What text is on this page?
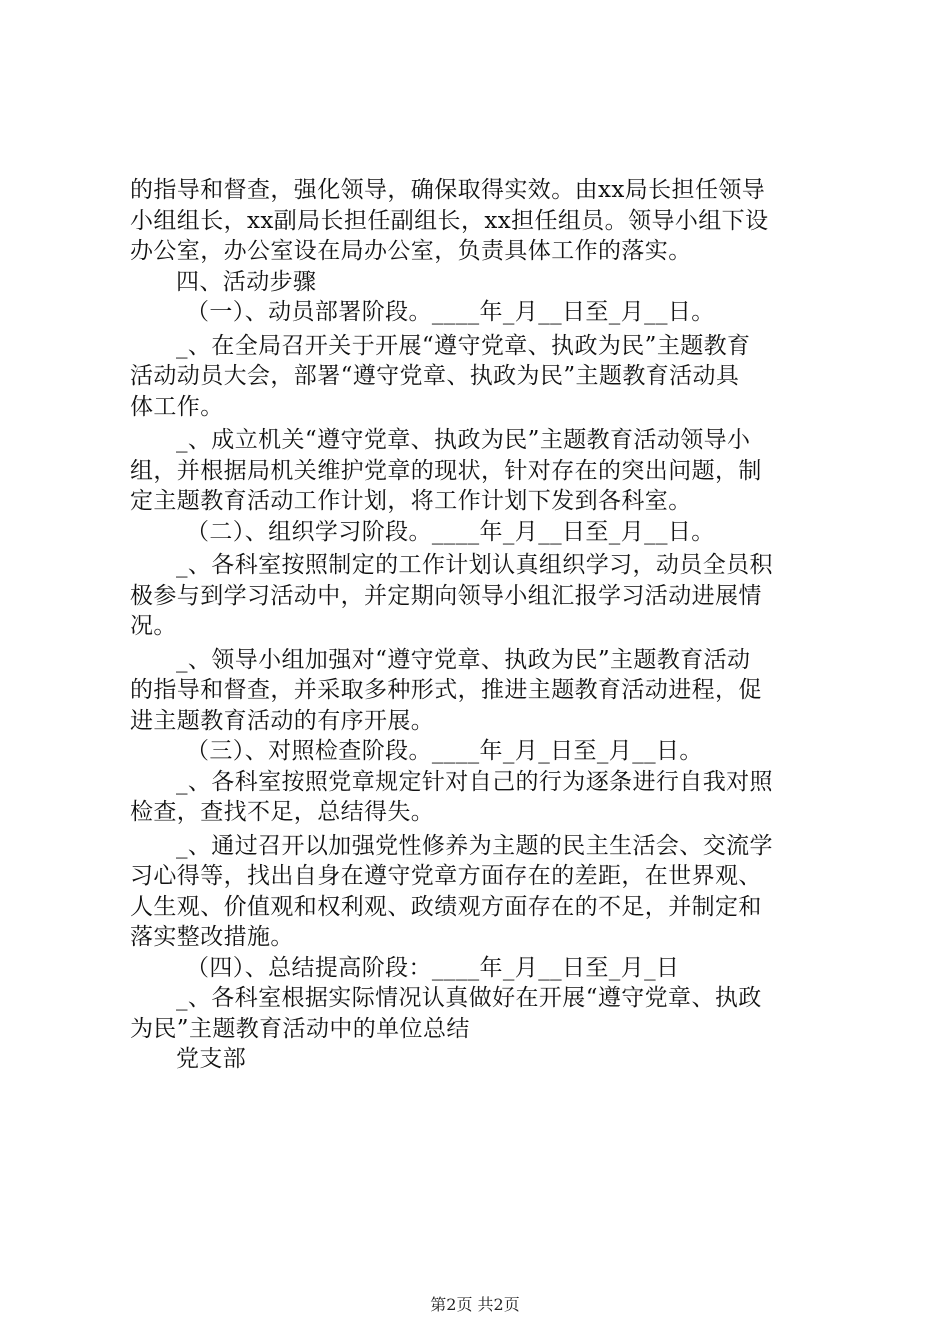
的指导和督查，强化领导，确保取得实效。由xx局长担任领导
小组组长，xx副局长担任副组长，xx担任组员。领导小组下设
办公室，办公室设在局办公室，负责具体工作的落实。
四、活动步骤
（一）、动员部署阶段。____年_月__日至_月__日。
_、在全局召开关于开展“遵守党章、执政为民”主题教育
活动动员大会，部署“遵守党章、执政为民”主题教育活动具
体工作。
_、成立机关“遵守党章、执政为民”主题教育活动领导小
组，并根据局机关维护党章的现状，针对存在的突出问题，制
定主题教育活动工作计划，将工作计划下发到各科室。
（二）、组织学习阶段。____年_月__日至_月__日。
_、各科室按照制定的工作计划认真组织学习，动员全员积
极参与到学习活动中，并定期向领导小组汇报学习活动进展情
况。
_、领导小组加强对“遵守党章、执政为民”主题教育活动
的指导和督查，并采取多种形式，推进主题教育活动进程，促
进主题教育活动的有序开展。
（三）、对照检查阶段。____年_月_日至_月__日。
_、各科室按照党章规定针对自己的行为逐条进行自我对照
检查，查找不足，总结得失。
_、通过召开以加强党性修养为主题的民主生活会、交流学
习心得等，找出自身在遵守党章方面存在的差距，在世界观、
人生观、价值观和权利观、政绩观方面存在的不足，并制定和
落实整改措施。
（四）、总结提高阶段：____年_月__日至_月_日
_、各科室根据实际情况认真做好在开展“遵守党章、执政
为民”主题教育活动中的单位总结
党支部
第2页 共2页
